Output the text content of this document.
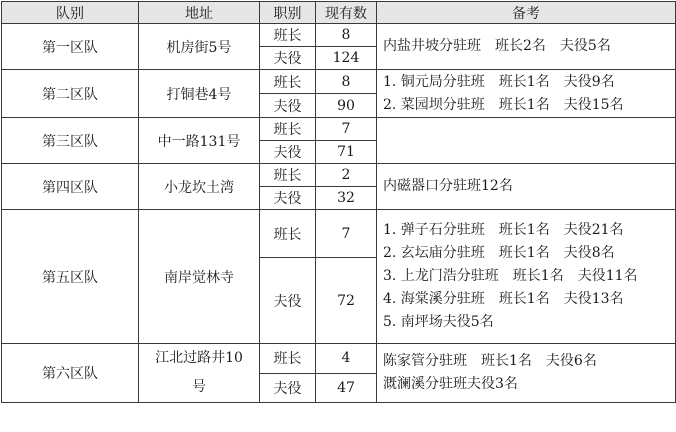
队别	地址	职别	现有数	备考
第一区队	机房街5号	班长	8	内盐井坡分驻班　班长2名　夫役5名

		夫役	124	
第二区队	打铜巷4号	班长	8	1. 铜元局分驻班　班长1名　夫役9名
2. 菜园坝分驻班　班长1名　夫役15名

		夫役	90	
第三区队	中一路131号	班长	7	
		夫役	71	
第四区队	小龙坎土湾	班长	2	内磁器口分驻班12名

		夫役	32	
第五区队	南岸觉林寺	班长	7	1. 弹子石分驻班　班长1名　夫役21名
2. 玄坛庙分驻班　班长1名　夫役8名
3. 上龙门浩分驻班　班长1名　夫役11名
4. 海棠溪分驻班　班长1名　夫役13名
5. 南坪场夫役5名

		夫役	72	
第六区队	江北过路井10
号	班长	4	陈家管分驻班　班长1名　夫役6名
溉澜溪分驻班夫役3名

		夫役	47	
